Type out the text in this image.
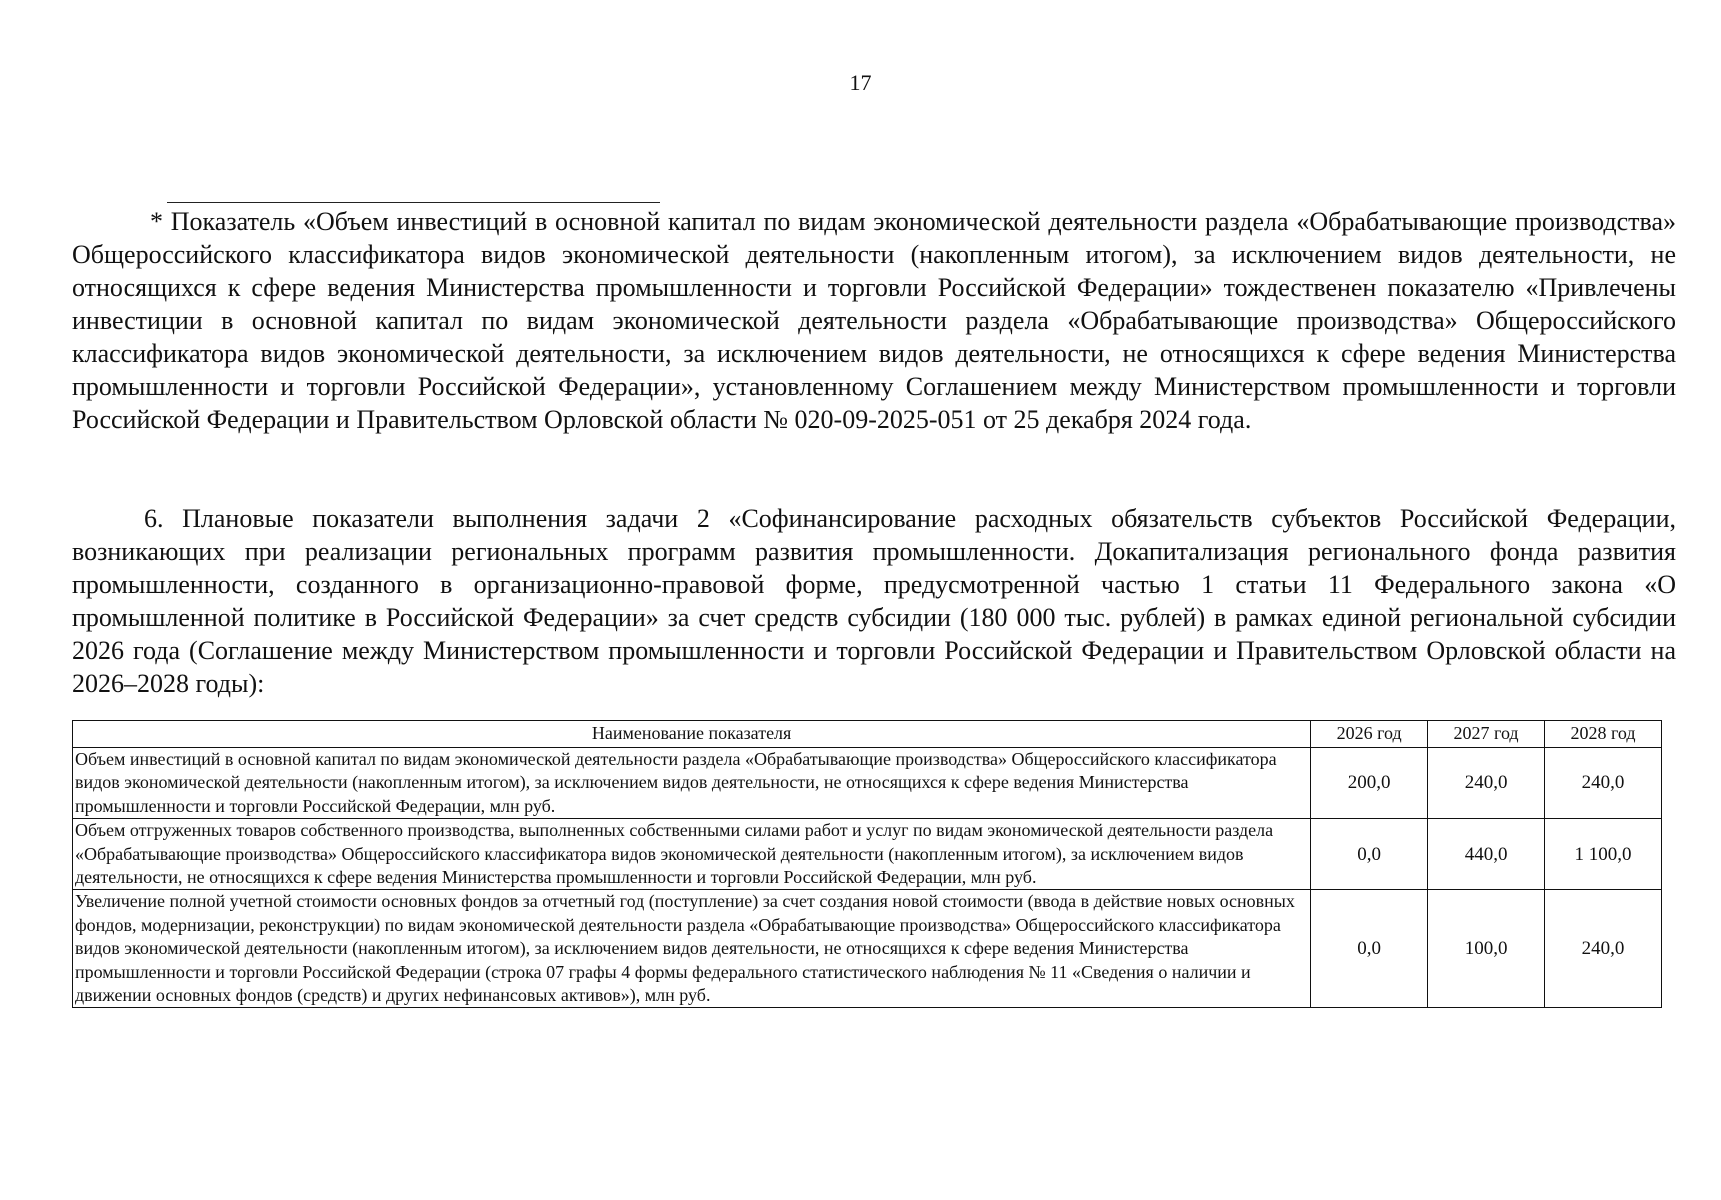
17

* Показатель «Объем инвестиций в основной капитал по видам экономической деятельности раздела «Обрабатывающие производства» Общероссийского классификатора видов экономической деятельности (накопленным итогом), за исключением видов деятельности, не относящихся к сфере ведения Министерства промышленности и торговли Российской Федерации» тождественен показателю «Привлечены инвестиции в основной капитал по видам экономической деятельности раздела «Обрабатывающие производства» Общероссийского классификатора видов экономической деятельности, за исключением видов деятельности, не относящихся к сфере ведения Министерства промышленности и торговли Российской Федерации», установленному Соглашением между Министерством промышленности и торговли Российской Федерации и Правительством Орловской области № 020-09-2025-051 от 25 декабря 2024 года.

6. Плановые показатели выполнения задачи 2 «Софинансирование расходных обязательств субъектов Российской Федерации, возникающих при реализации региональных программ развития промышленности. Докапитализация регионального фонда развития промышленности, созданного в организационно-правовой форме, предусмотренной частью 1 статьи 11 Федерального закона «О промышленной политике в Российской Федерации» за счет средств субсидии (180 000 тыс. рублей) в рамках единой региональной субсидии 2026 года (Соглашение между Министерством промышленности и торговли Российской Федерации и Правительством Орловской области на 2026–2028 годы):

Наименование показателя	2026 год	2027 год	2028 год
Объем инвестиций в основной капитал по видам экономической деятельности раздела «Обрабатывающие производства» Общероссийского классификатора видов экономической деятельности (накопленным итогом), за исключением видов деятельности, не относящихся к сфере ведения Министерства промышленности и торговли Российской Федерации, млн руб.	200,0	240,0	240,0
Объем отгруженных товаров собственного производства, выполненных собственными силами работ и услуг по видам экономической деятельности раздела «Обрабатывающие производства» Общероссийского классификатора видов экономической деятельности (накопленным итогом), за исключением видов деятельности, не относящихся к сфере ведения Министерства промышленности и торговли Российской Федерации, млн руб.	0,0	440,0	1 100,0
Увеличение полной учетной стоимости основных фондов за отчетный год (поступление) за счет создания новой стоимости (ввода в действие новых основных фондов, модернизации, реконструкции) по видам экономической деятельности раздела «Обрабатывающие производства» Общероссийского классификатора видов экономической деятельности (накопленным итогом), за исключением видов деятельности, не относящихся к сфере ведения Министерства промышленности и торговли Российской Федерации (строка 07 графы 4 формы федерального статистического наблюдения № 11 «Сведения о наличии и движении основных фондов (средств) и других нефинансовых активов»), млн руб.	0,0	100,0	240,0
